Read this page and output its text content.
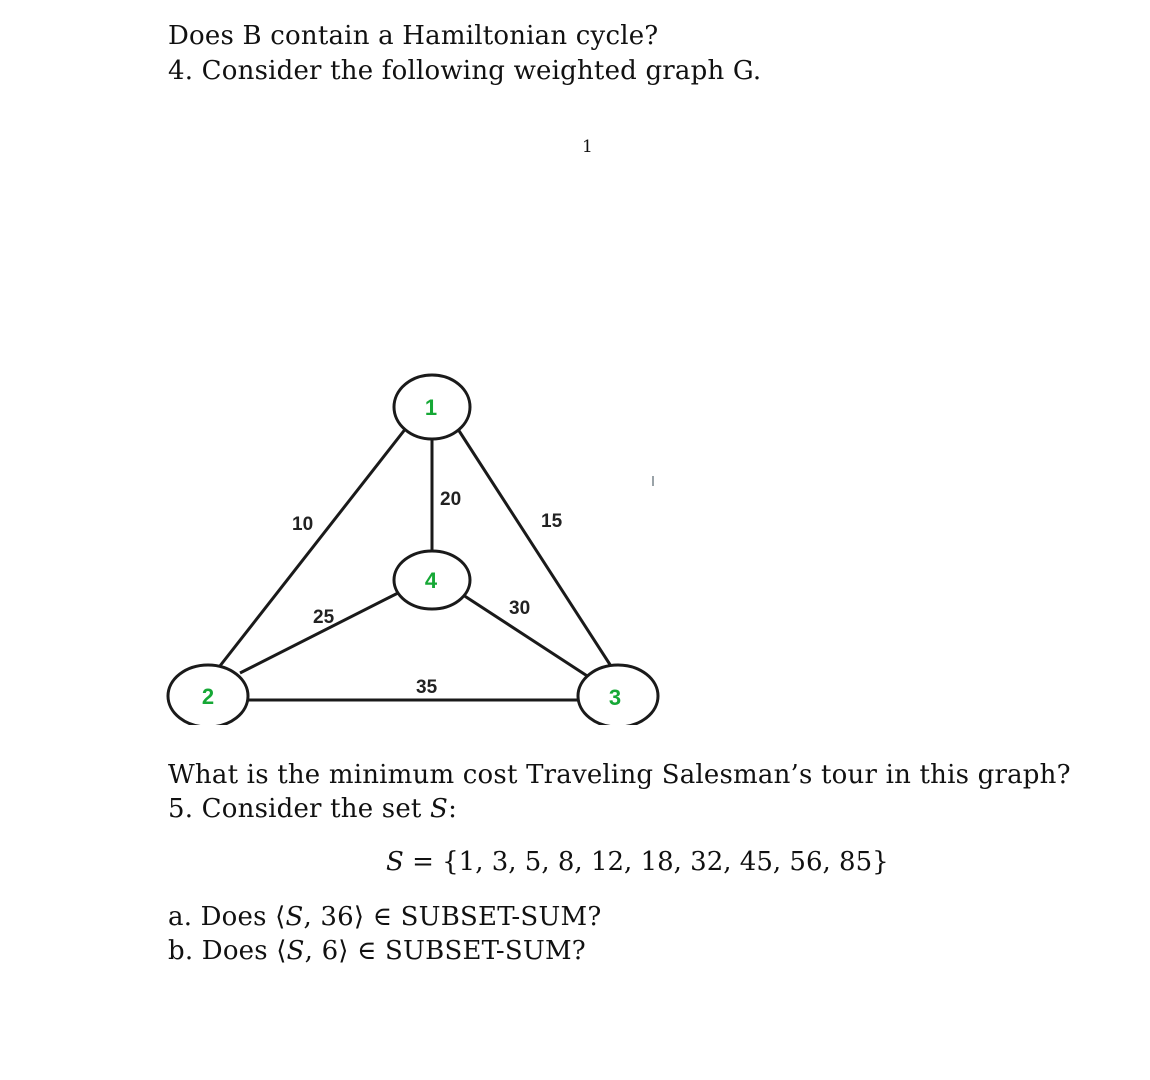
Does B contain a Hamiltonian cycle?
4. Consider the following weighted graph G.
1
1
4
2	3
10
20
15
25	30
35
What is the minimum cost Traveling Salesman’s tour in this graph?
5. Consider the set S:
S = {1, 3, 5, 8, 12, 18, 32, 45, 56, 85}
a. Does ⟨S, 36⟩ ∈ SUBSET-SUM?
b. Does ⟨S, 6⟩ ∈ SUBSET-SUM?
